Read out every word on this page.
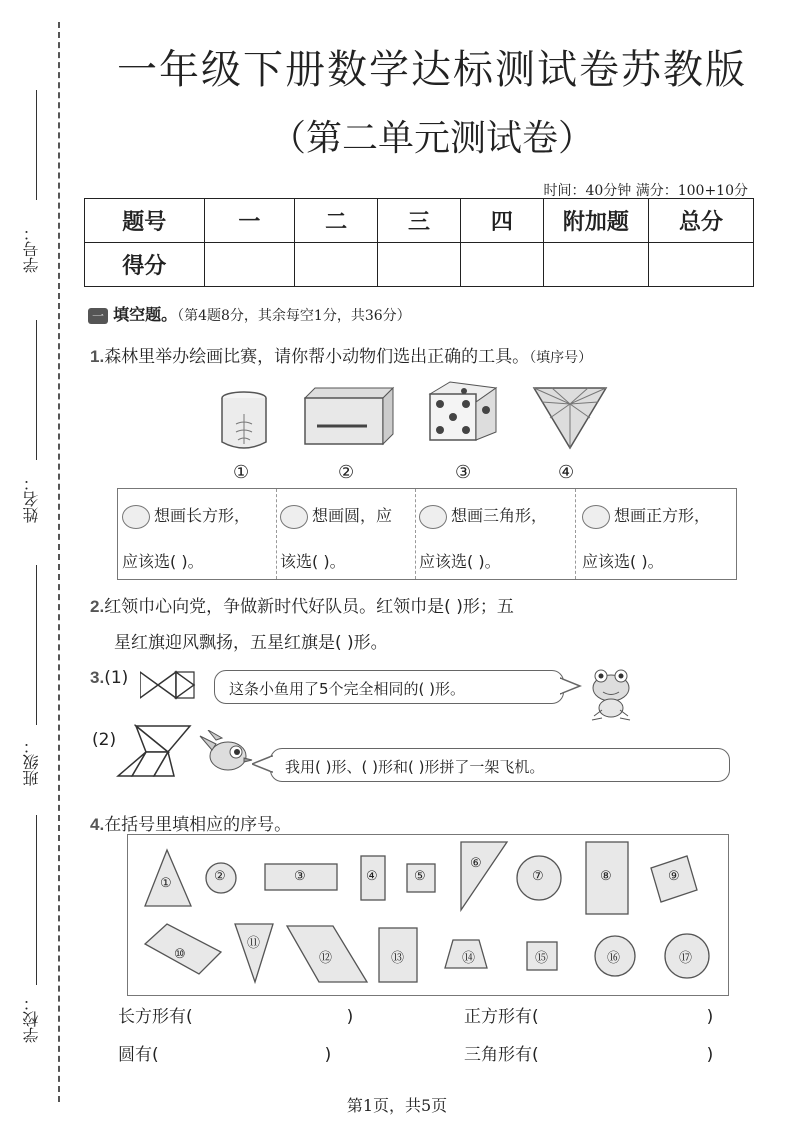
学号：
姓名：
班级：
学校：
一年级下册数学达标测试卷苏教版
（第二单元测试卷）
时间：40分钟 满分：100+10分
题号	一	二	三	四	附加题	总分
得分						
一 填空题。（第4题8分，其余每空1分，共36分）
1.森林里举办绘画比赛，请你帮小动物们选出正确的工具。（填序号）
①	②	③	④
想画长方形，
应该选( )。
想画圆，应
该选( )。
想画三角形，
应该选( )。
想画正方形，
应该选( )。
2.红领巾心向党，争做新时代好队员。红领巾是( )形；五
星红旗迎风飘扬，五星红旗是( )形。
3.(1)
这条小鱼用了5个完全相同的( )形。
(2)
我用( )形、( )形和( )形拼了一架飞机。
4.在括号里填相应的序号。
①	②	③	④	⑤
⑥
⑦	⑧	⑨
⑩
⑪
⑫	⑬	⑭	⑮	⑯	⑰
长方形有(	)	正方形有(	)
圆有(	)	三角形有(	)
第1页，共5页
